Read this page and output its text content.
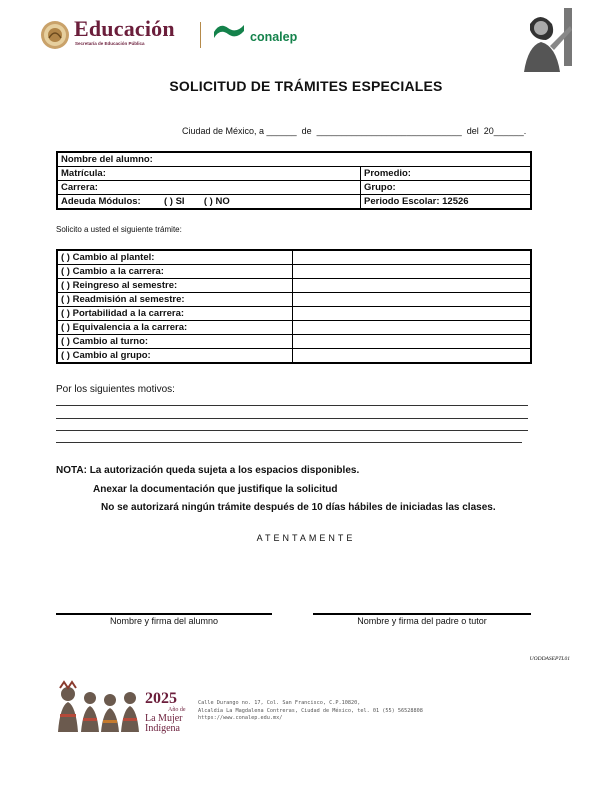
Educación
Secretaría de Educación Pública	conalep
SOLICITUD DE TRÁMITES ESPECIALES
Ciudad de México, a ______  de  _____________________________  del  20______.
Nombre del alumno:	
Matrícula:	Promedio:
Carrera:	Grupo:
Adeuda Módulos: ( ) SI ( ) NO	Periodo Escolar: 12526
Solicito a usted el siguiente trámite:
( ) Cambio al plantel:	
( ) Cambio a la carrera:	
( ) Reingreso al semestre:	
( ) Readmisión al semestre:	
( ) Portabilidad a la carrera:	
( ) Equivalencia a la carrera:	
( ) Cambio al turno:	
( ) Cambio al grupo:	
Por los siguientes motivos:
NOTA: La autorización queda sujeta a los espacios disponibles.
Anexar la documentación que justifique la solicitud
No se autorizará ningún trámite después de 10 días hábiles de iniciadas las clases.
ATENTAMENTE
Nombre y firma del alumno	Nombre y firma del padre o tutor
UODDASEPTL01
2025
Año de
La Mujer
Indígena
Calle Durango no. 17, Col. San Francisco, C.P.10820,
Alcaldía La Magdalena Contreras, Ciudad de México, tel. 01 (55) 56528808
https://www.conalep.edu.mx/
